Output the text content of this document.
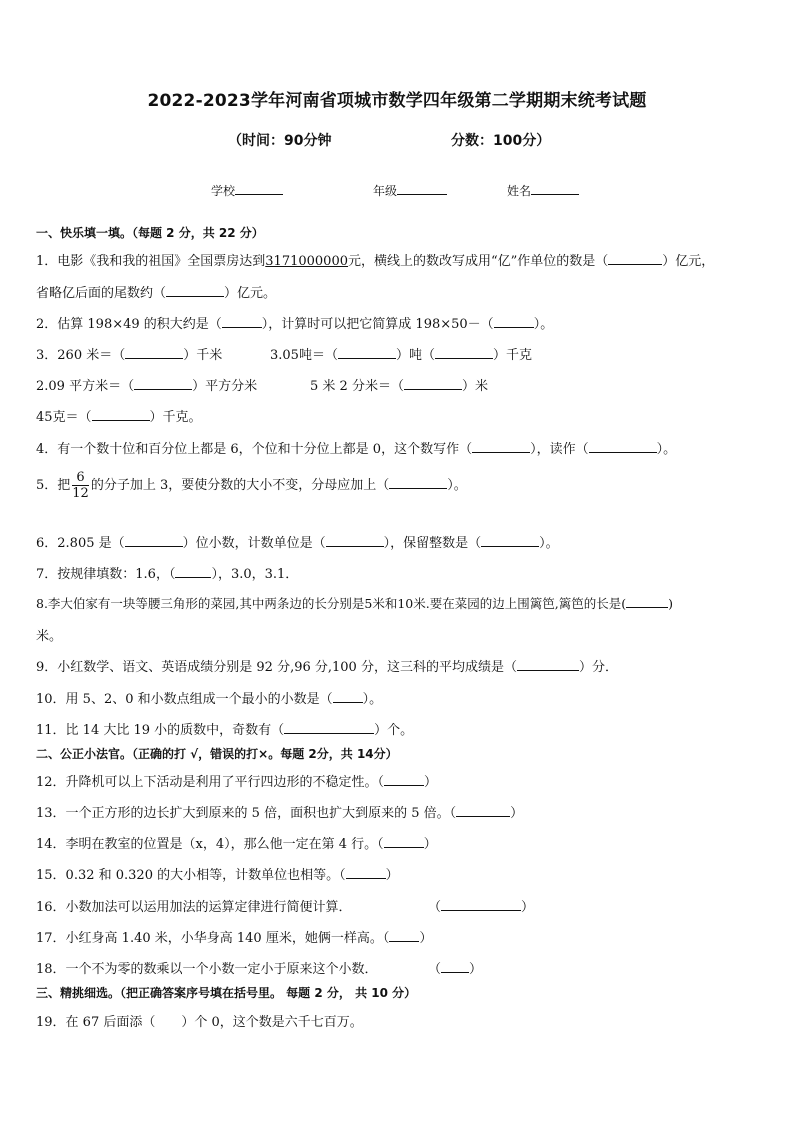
2022-2023学年河南省项城市数学四年级第二学期期末统考试题
（时间：90分钟	分数：100分）
学校	年级	姓名
一、快乐填一填。（每题 2 分，共 22 分）
1．电影《我和我的祖国》全国票房达到3171000000元，横线上的数改写成用“亿”作单位的数是（	）亿元，
省略亿后面的尾数约（	）亿元。
2．估算 198×49 的积大约是（	），计算时可以把它简算成 198×50－（	）。
3．260 米＝（	）千米	3.05吨＝（	）吨（	）千克
2.09 平方米＝（	）平方分米	5 米 2 分米＝（	）米
45克＝（	）千克。
4．有一个数十位和百分位上都是 6，个位和十分位上都是 0，这个数写作（	），读作（	）。
5．把 $\frac{6}{12}$ 的分子加上 3，要使分数的大小不变，分母应加上（	）。
6．2.805 是（	）位小数，计数单位是（	），保留整数是（	）。
7．按规律填数：1.6，（	），3.0，3.1．
8.李大伯家有一块等腰三角形的菜园,其中两条边的长分别是5米和10米.要在菜园的边上围篱笆,篱笆的长是(	)
米。
9．小红数学、语文、英语成绩分别是 92 分,96 分,100 分，这三科的平均成绩是（	）分．
10．用 5、2、0 和小数点组成一个最小的小数是（ ）。
11．比 14 大比 19 小的质数中，奇数有（	）个。
二、公正小法官。（正确的打 √，错误的打×。每题 2分，共 14分）
12．升降机可以上下活动是利用了平行四边形的不稳定性。（	）
13．一个正方形的边长扩大到原来的 5 倍，面积也扩大到原来的 5 倍。（	）
14．李明在教室的位置是（x，4），那么他一定在第 4 行。（	）
15．0.32 和 0.320 的大小相等，计数单位也相等。（	）
16．小数加法可以运用加法的运算定律进行简便计算．	（	）
17．小红身高 1.40 米，小华身高 140 厘米，她俩一样高。（ ）
18．一个不为零的数乘以一个小数一定小于原来这个小数．	（ ）
三、精挑细选。（把正确答案序号填在括号里。 每题 2 分， 共 10 分）
19．在 67 后面添（　　）个 0，这个数是六千七百万。
